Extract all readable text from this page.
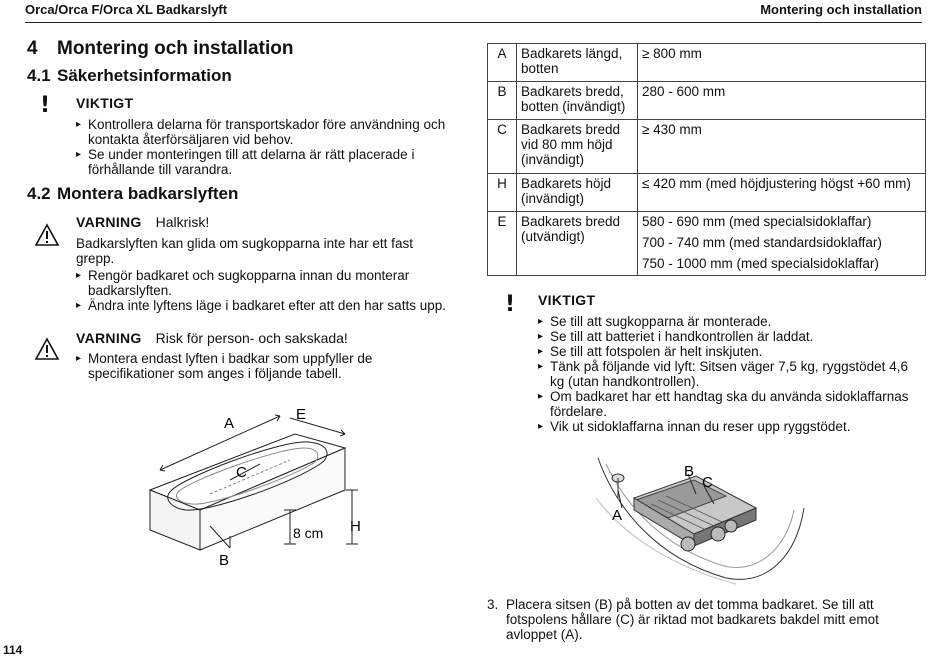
Orca/Orca F/Orca XL Badkarslyft	Montering och installation
4 Montering och installation
4.1 Säkerhetsinformation
! VIKTIGT
▸ Kontrollera delarna för transportskador före användning och kontakta återförsäljaren vid behov.
▸ Se under monteringen till att delarna är rätt placerade i förhållande till varandra.
4.2 Montera badkarslyften
VARNING Halkrisk!
Badkarslyften kan glida om sugkopparna inte har ett fast grepp.
▸ Rengör badkaret och sugkopparna innan du monterar badkarslyften.
▸ Ändra inte lyftens läge i badkaret efter att den har satts upp.
VARNING Risk för person- och sakskada!
▸ Montera endast lyften i badkar som uppfyller de specifikationer som anges i följande tabell.
A
E
C
H
8 cm
B
A	Badkarets längd, botten	≥ 800 mm

B	Badkarets bredd, botten (invändigt)	280 - 600 mm

C	Badkarets bredd vid 80 mm höjd (invändigt)	≥ 430 mm

H	Badkarets höjd (invändigt)	≤ 420 mm (med höjdjustering högst +60 mm)

E	Badkarets bredd (utvändigt)	580 - 690 mm (med specialsidoklaffar)
700 - 740 mm (med standardsidoklaffar)
750 - 1000 mm (med specialsidoklaffar)
! VIKTIGT
▸ Se till att sugkopparna är monterade.
▸ Se till att batteriet i handkontrollen är laddat.
▸ Se till att fotspolen är helt inskjuten.
▸ Tänk på följande vid lyft: Sitsen väger 7,5 kg, ryggstödet 4,6 kg (utan handkontrollen).
▸ Om badkaret har ett handtag ska du använda sidoklaffarnas fördelare.
▸ Vik ut sidoklaffarna innan du reser upp ryggstödet.
B
C
A
3. Placera sitsen (B) på botten av det tomma badkaret. Se till att fotspolens hållare (C) är riktad mot badkarets bakdel mitt emot avloppet (A).
114
